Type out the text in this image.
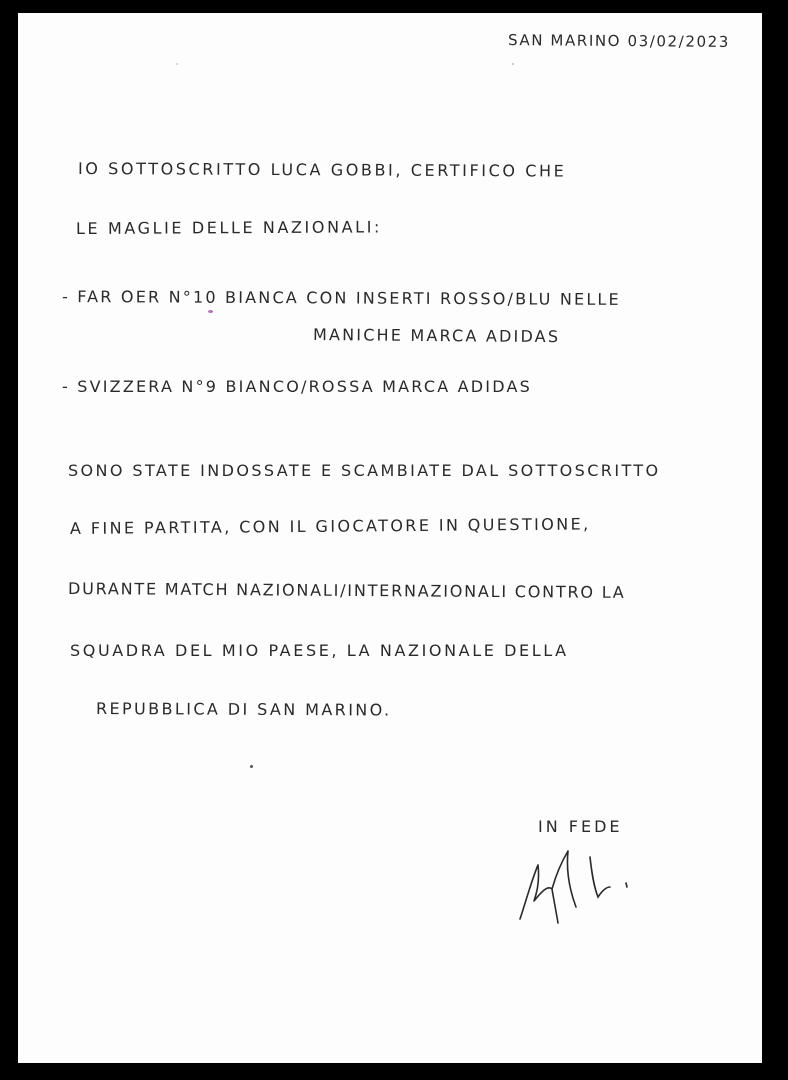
SAN MARINO 03/02/2023
IO SOTTOSCRITTO LUCA GOBBI, CERTIFICO CHE
LE MAGLIE DELLE NAZIONALI:
- FAR OER N°10 BIANCA CON INSERTI ROSSO/BLU NELLE
MANICHE MARCA ADIDAS
- SVIZZERA N°9 BIANCO/ROSSA MARCA ADIDAS
SONO STATE INDOSSATE E SCAMBIATE DAL SOTTOSCRITTO
A FINE PARTITA, CON IL GIOCATORE IN QUESTIONE,
DURANTE MATCH NAZIONALI/INTERNAZIONALI CONTRO LA
SQUADRA DEL MIO PAESE, LA NAZIONALE DELLA
REPUBBLICA DI SAN MARINO.
IN FEDE
